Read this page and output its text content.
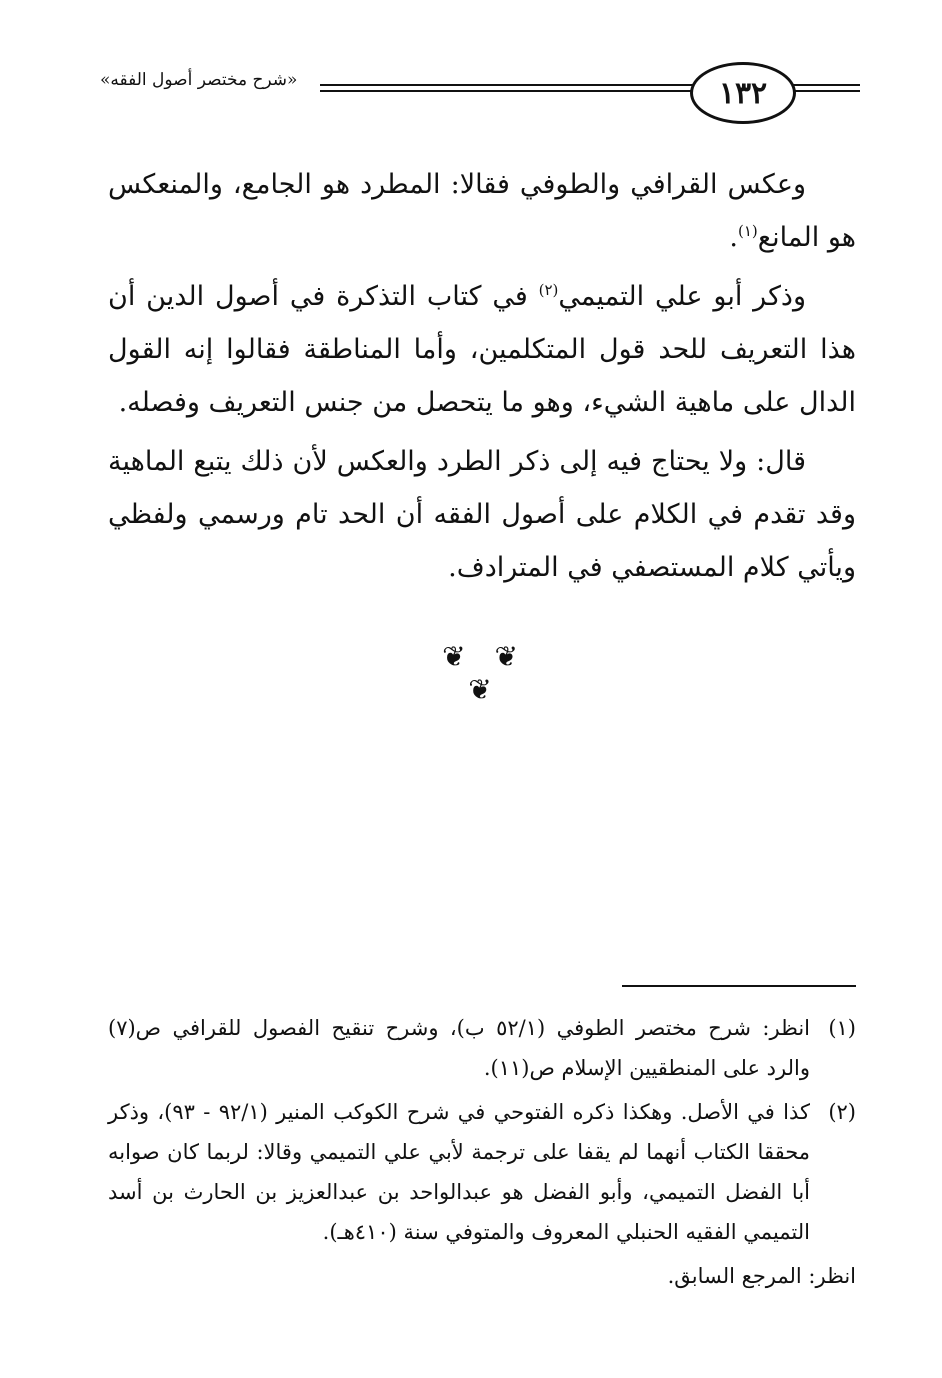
١٣٢
«شرح مختصر أصول الفقه»

وعكس القرافي والطوفي فقالا: المطرد هو الجامع، والمنعكس هو المانع$^{(١)}$.

وذكر أبو علي التميمي$^{(٢)}$ في كتاب التذكرة في أصول الدين أن هذا التعريف للحد قول المتكلمين، وأما المناطقة فقالوا إنه القول الدال على ماهية الشيء، وهو ما يتحصل من جنس التعريف وفصله.

قال: ولا يحتاج فيه إلى ذكر الطرد والعكس لأن ذلك يتبع الماهية وقد تقدم في الكلام على أصول الفقه أن الحد تام ورسمي ولفظي ويأتي كلام المستصفي في المترادف.

❦ ❦ ❦

(١)
انظر: شرح مختصر الطوفي (٥٢/١ ب)، وشرح تنقيح الفصول للقرافي ص(٧) والرد على المنطقيين الإسلام ص(١١).

(٢)
كذا في الأصل. وهكذا ذكره الفتوحي في شرح الكوكب المنير (٩٢/١ - ٩٣)، وذكر محققا الكتاب أنهما لم يقفا على ترجمة لأبي علي التميمي وقالا: لربما كان صوابه أبا الفضل التميمي، وأبو الفضل هو عبدالواحد بن عبدالعزيز بن الحارث بن أسد التميمي الفقيه الحنبلي المعروف والمتوفي سنة (٤١٠هـ).

انظر: المرجع السابق.
